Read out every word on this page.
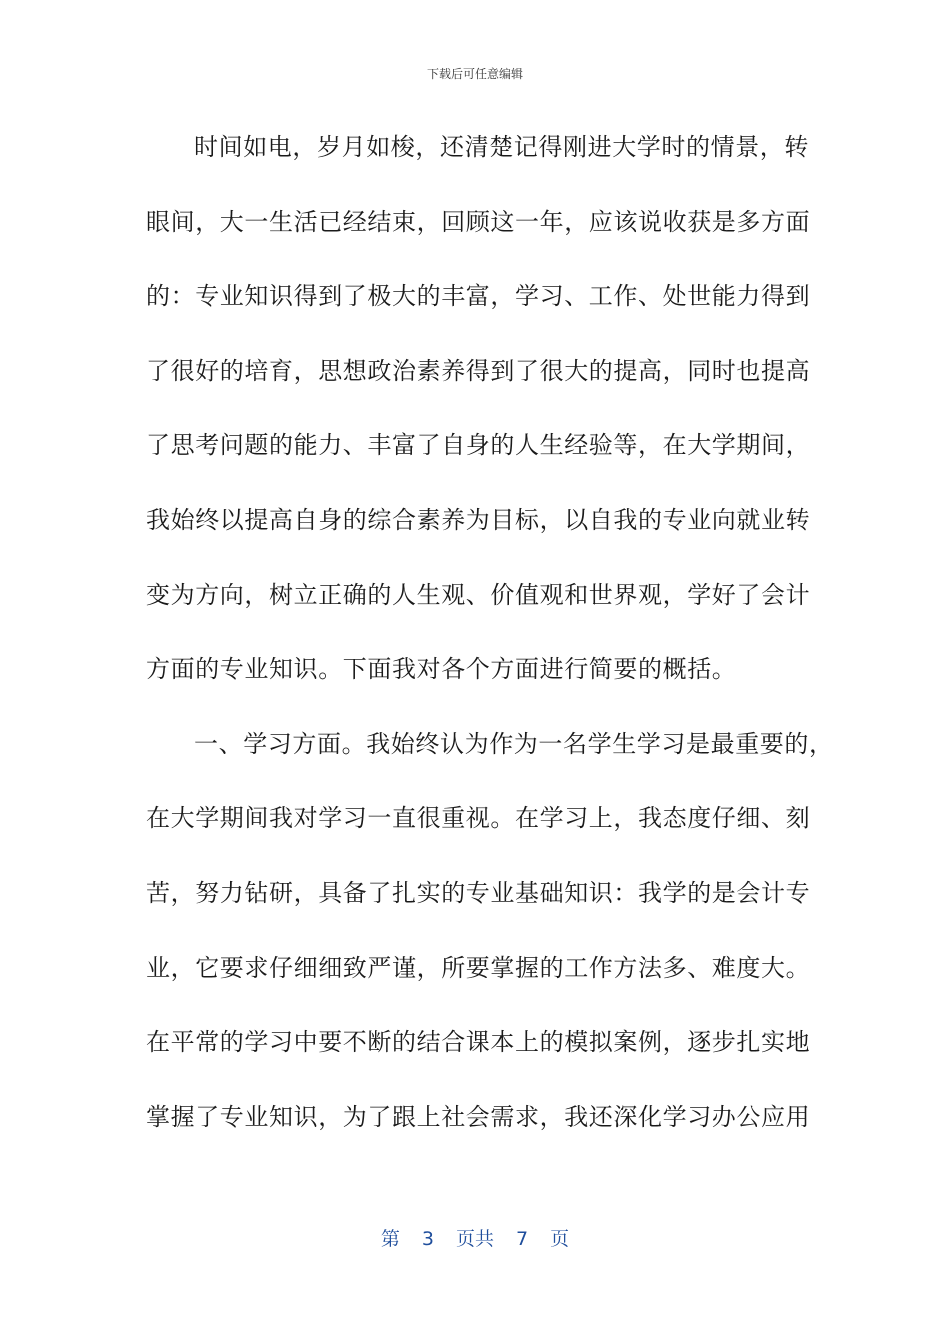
下载后可任意编辑
时间如电，岁月如梭，还清楚记得刚进大学时的情景，转
眼间，大一生活已经结束，回顾这一年，应该说收获是多方面
的：专业知识得到了极大的丰富，学习、工作、处世能力得到
了很好的培育，思想政治素养得到了很大的提高，同时也提高
了思考问题的能力、丰富了自身的人生经验等，在大学期间，
我始终以提高自身的综合素养为目标，以自我的专业向就业转
变为方向，树立正确的人生观、价值观和世界观，学好了会计
方面的专业知识。下面我对各个方面进行简要的概括。
一、学习方面。我始终认为作为一名学生学习是最重要的，
在大学期间我对学习一直很重视。在学习上，我态度仔细、刻
苦，努力钻研，具备了扎实的专业基础知识：我学的是会计专
业，它要求仔细细致严谨，所要掌握的工作方法多、难度大。
在平常的学习中要不断的结合课本上的模拟案例，逐步扎实地
掌握了专业知识，为了跟上社会需求，我还深化学习办公应用
第 3 页共 7 页
